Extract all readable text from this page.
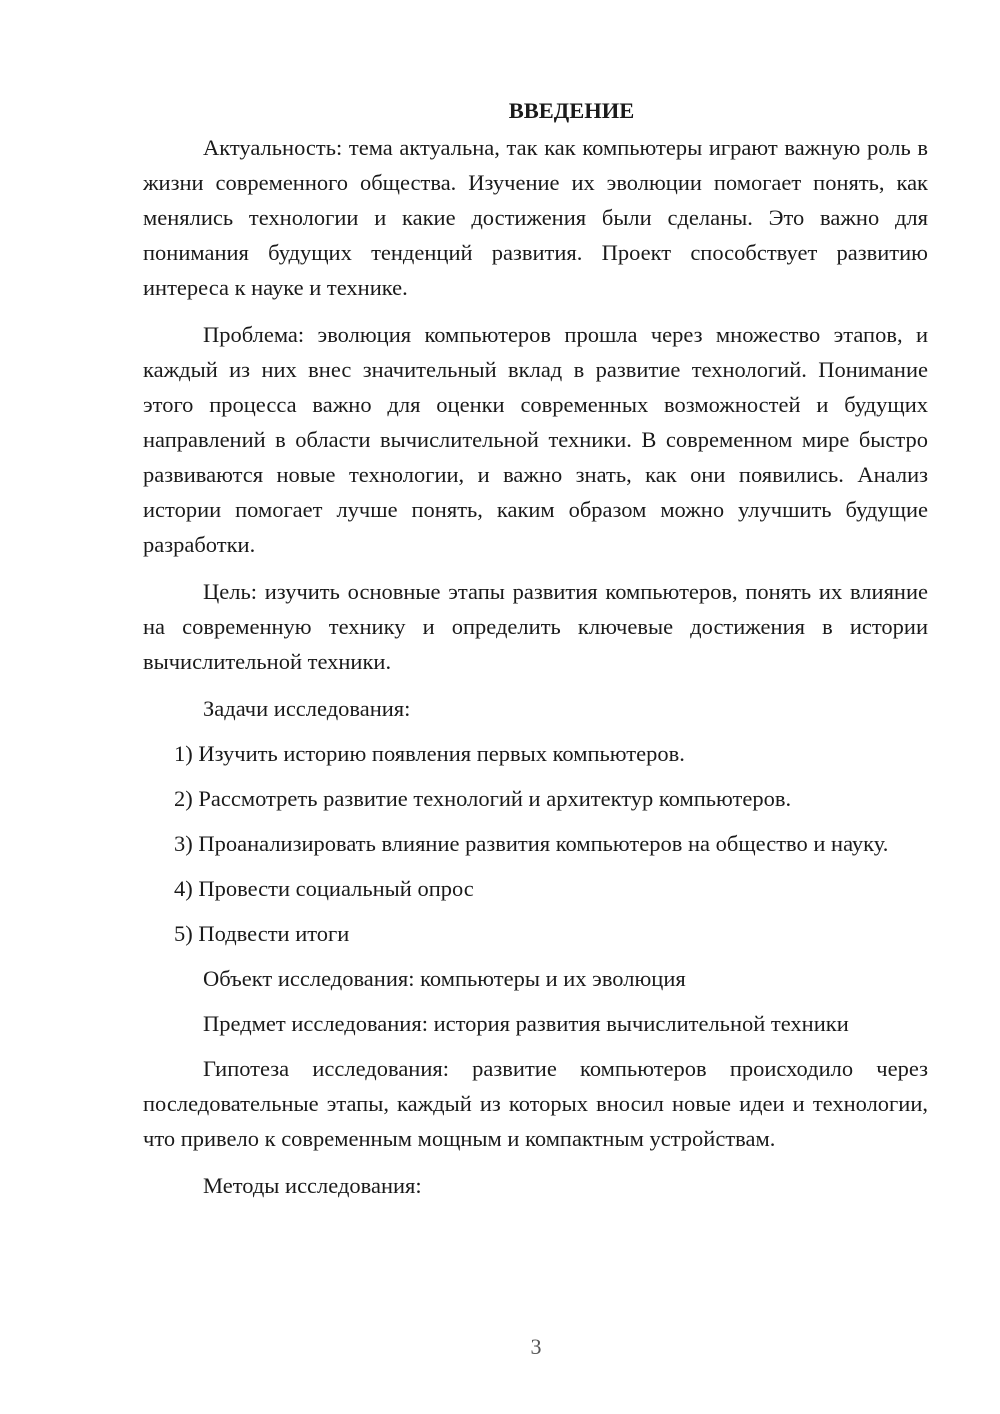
ВВЕДЕНИЕ

Актуальность: тема актуальна, так как компьютеры играют важную роль в жизни современного общества. Изучение их эволюции помогает понять, как менялись технологии и какие достижения были сделаны. Это важно для понимания будущих тенденций развития. Проект способствует развитию интереса к науке и технике.

Проблема: эволюция компьютеров прошла через множество этапов, и каждый из них внес значительный вклад в развитие технологий. Понимание этого процесса важно для оценки современных возможностей и будущих направлений в области вычислительной техники. В современном мире быстро развиваются новые технологии, и важно знать, как они появились. Анализ истории помогает лучше понять, каким образом можно улучшить будущие разработки.

Цель: изучить основные этапы развития компьютеров, понять их влияние на современную технику и определить ключевые достижения в истории вычислительной техники.

Задачи исследования:

1) Изучить историю появления первых компьютеров.

2) Рассмотреть развитие технологий и архитектур компьютеров.

3) Проанализировать влияние развития компьютеров на общество и науку.

4) Провести социальный опрос

5) Подвести итоги

Объект исследования: компьютеры и их эволюция

Предмет исследования: история развития вычислительной техники

Гипотеза исследования: развитие компьютеров происходило через последовательные этапы, каждый из которых вносил новые идеи и технологии, что привело к современным мощным и компактным устройствам.

Методы исследования:

3
